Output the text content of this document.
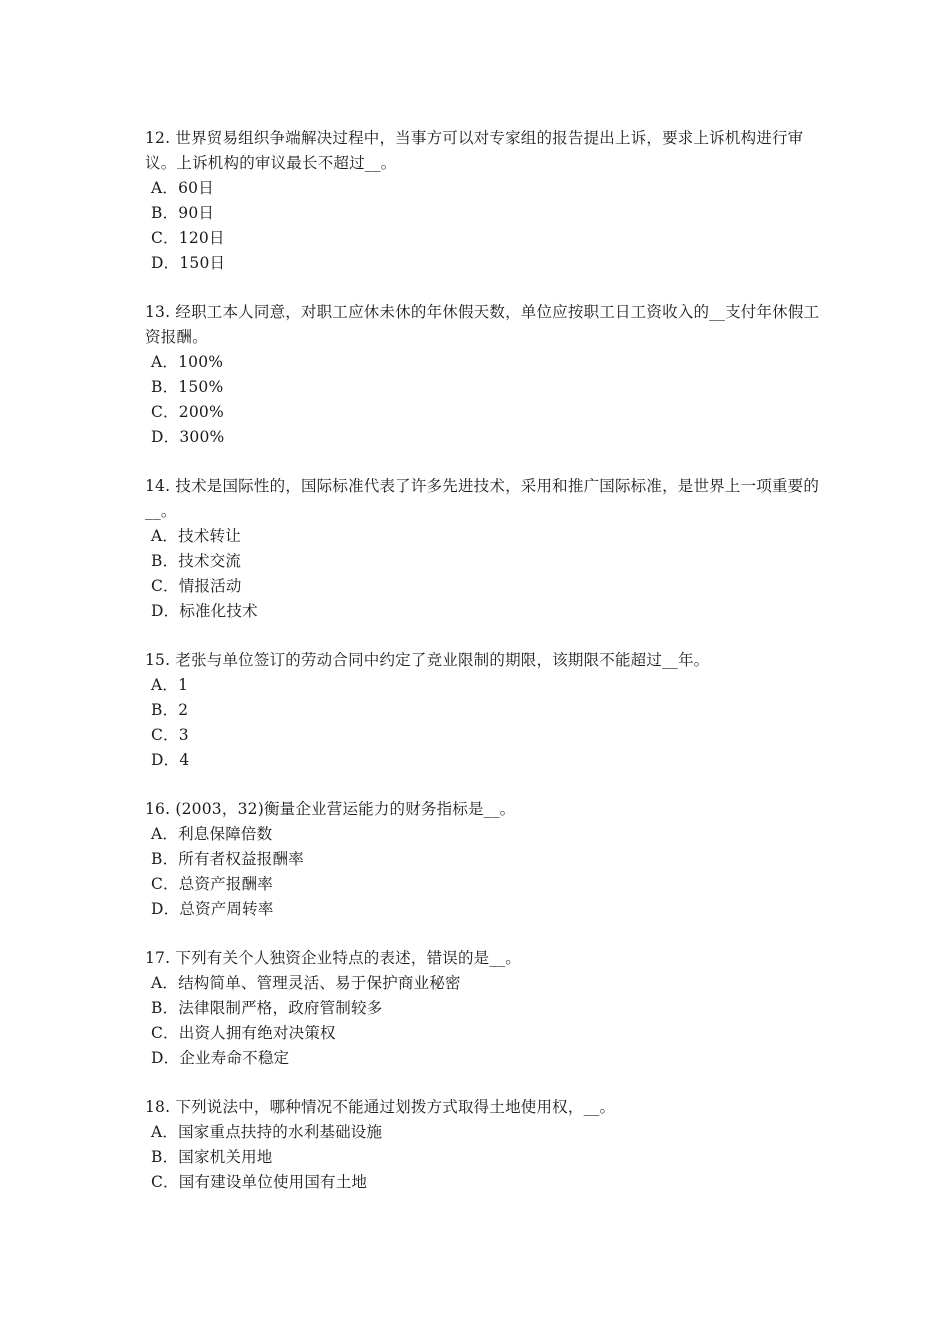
12. 世界贸易组织争端解决过程中，当事方可以对专家组的报告提出上诉，要求上诉机构进行审议。上诉机构的审议最长不超过__。

A．60日
B．90日
C．120日
D．150日

13. 经职工本人同意，对职工应休未休的年休假天数，单位应按职工日工资收入的__支付年休假工资报酬。

A．100%
B．150%
C．200%
D．300%

14. 技术是国际性的，国际标准代表了许多先进技术，采用和推广国际标准，是世界上一项重要的__。

A．技术转让
B．技术交流
C．情报活动
D．标准化技术

15. 老张与单位签订的劳动合同中约定了竞业限制的期限，该期限不能超过__年。

A．1
B．2
C．3
D．4

16. (2003，32)衡量企业营运能力的财务指标是__。

A．利息保障倍数
B．所有者权益报酬率
C．总资产报酬率
D．总资产周转率

17. 下列有关个人独资企业特点的表述，错误的是__。

A．结构简单、管理灵活、易于保护商业秘密
B．法律限制严格，政府管制较多
C．出资人拥有绝对决策权
D．企业寿命不稳定

18. 下列说法中，哪种情况不能通过划拨方式取得土地使用权，__。

A．国家重点扶持的水利基础设施
B．国家机关用地
C．国有建设单位使用国有土地
